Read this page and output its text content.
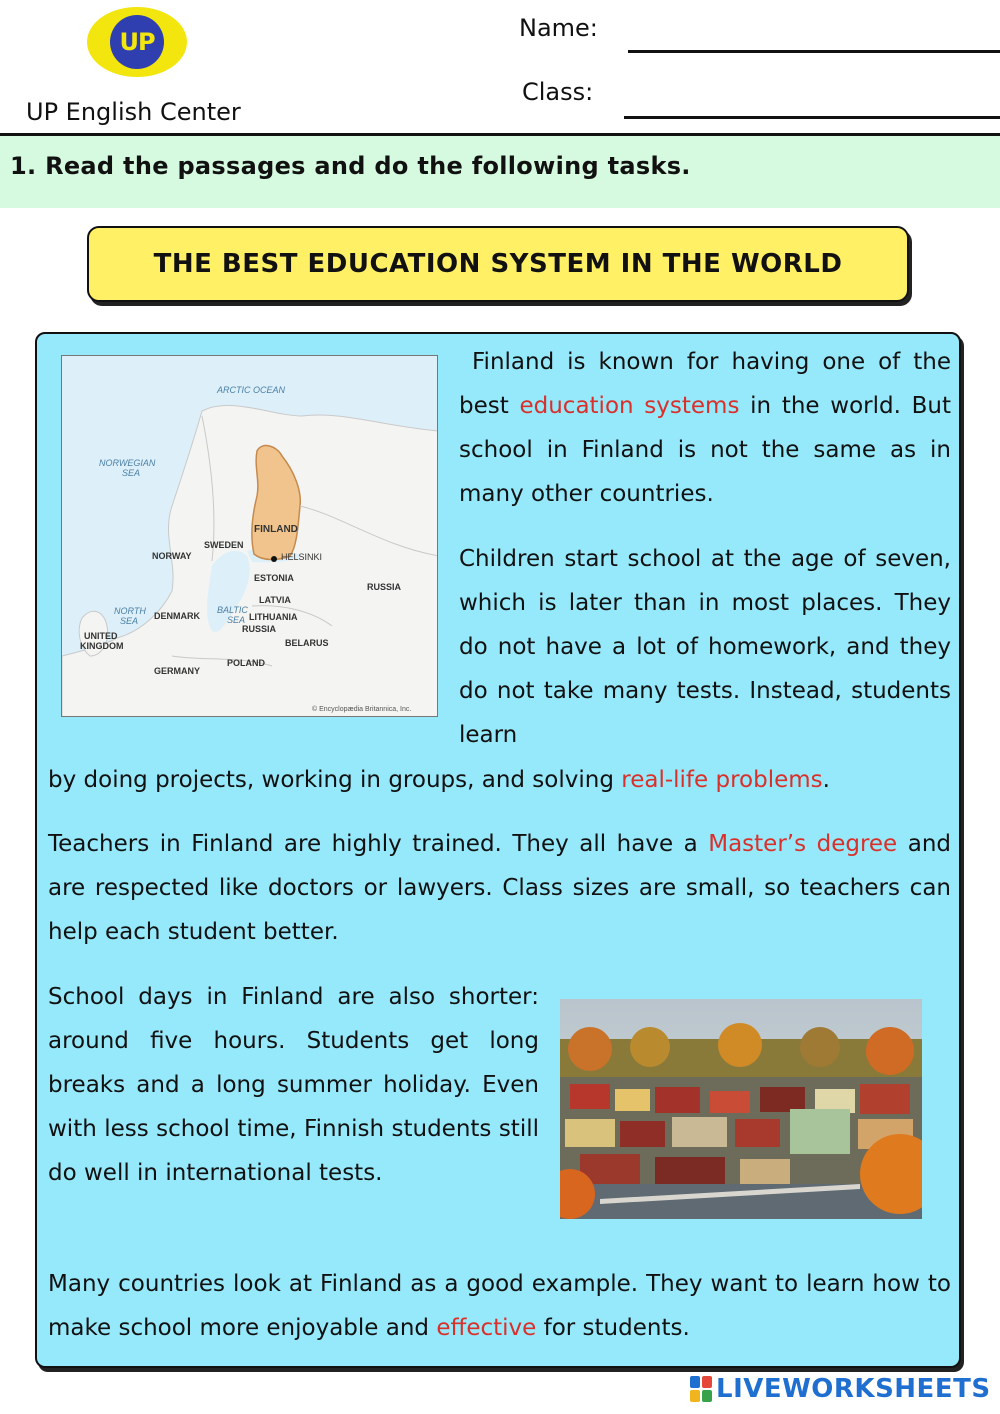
UP
UP English Center
Name:
Class:
1. Read the passages and do the following tasks.
THE BEST EDUCATION SYSTEM IN THE WORLD
ARCTIC OCEAN
NORWEGIAN
SEA
NORTH
SEA
BALTIC
SEA
FINLAND
SWEDEN
NORWAY	HELSINKI
ESTONIA
RUSSIA
LATVIA
DENMARK	LITHUANIA
RUSSIA
UNITED
KINGDOM	BELARUS
POLAND
GERMANY
© Encyclopædia Britannica, Inc.

Finland is known for having one of the best education systems in the world. But school in Finland is not the same as in many other countries.

Children start school at the age of seven, which is later than in most places. They do not have a lot of homework, and they do not take many tests. Instead, students learn

by doing projects, working in groups, and solving real-life problems.

Teachers in Finland are highly trained. They all have a Master’s degree and are respected like doctors or lawyers. Class sizes are small, so teachers can help each student better.

School days in Finland are also shorter: around five hours. Students get long breaks and a long summer holiday. Even with less school time, Finnish students still do well in international tests.

Many countries look at Finland as a good example. They want to learn how to make school more enjoyable and effective for students.

LIVEWORKSHEETS
